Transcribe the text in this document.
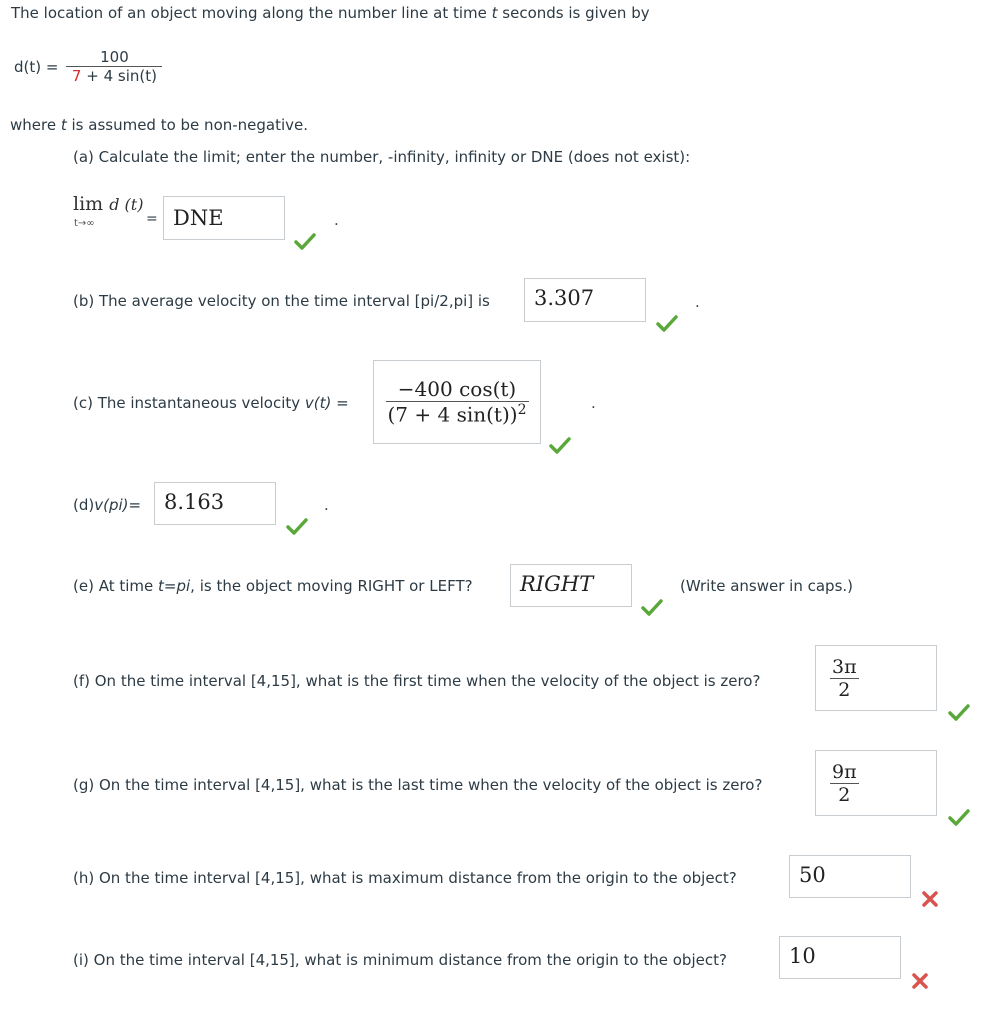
The location of an object moving along the number line at time t seconds is given by
$d(t) = \frac{100}{7 + 4 \sin(t)}$
where t is assumed to be non-negative.
(a) Calculate the limit; enter the number, -infinity, infinity or DNE (does not exist):
lim d (t)
t→∞	= DNE	.
(b) The average velocity on the time interval [pi/2,pi] is	3.307	.
(c) The instantaneous velocity $v(t) = \frac{-400 \cos(t)}{(7 + 4 \sin(t))^2}$	.
(d)v(pi)=	8.163	.
(e) At time t=pi, is the object moving RIGHT or LEFT? RIGHT	(Write answer in caps.)
(f) On the time interval [4,15], what is the first time when the velocity of the object is zero?	$\frac{3\pi}{2}$
(g) On the time interval [4,15], what is the last time when the velocity of the object is zero?	$\frac{9\pi}{2}$
(h) On the time interval [4,15], what is maximum distance from the origin to the object?	50
(i) On the time interval [4,15], what is minimum distance from the origin to the object?	10
